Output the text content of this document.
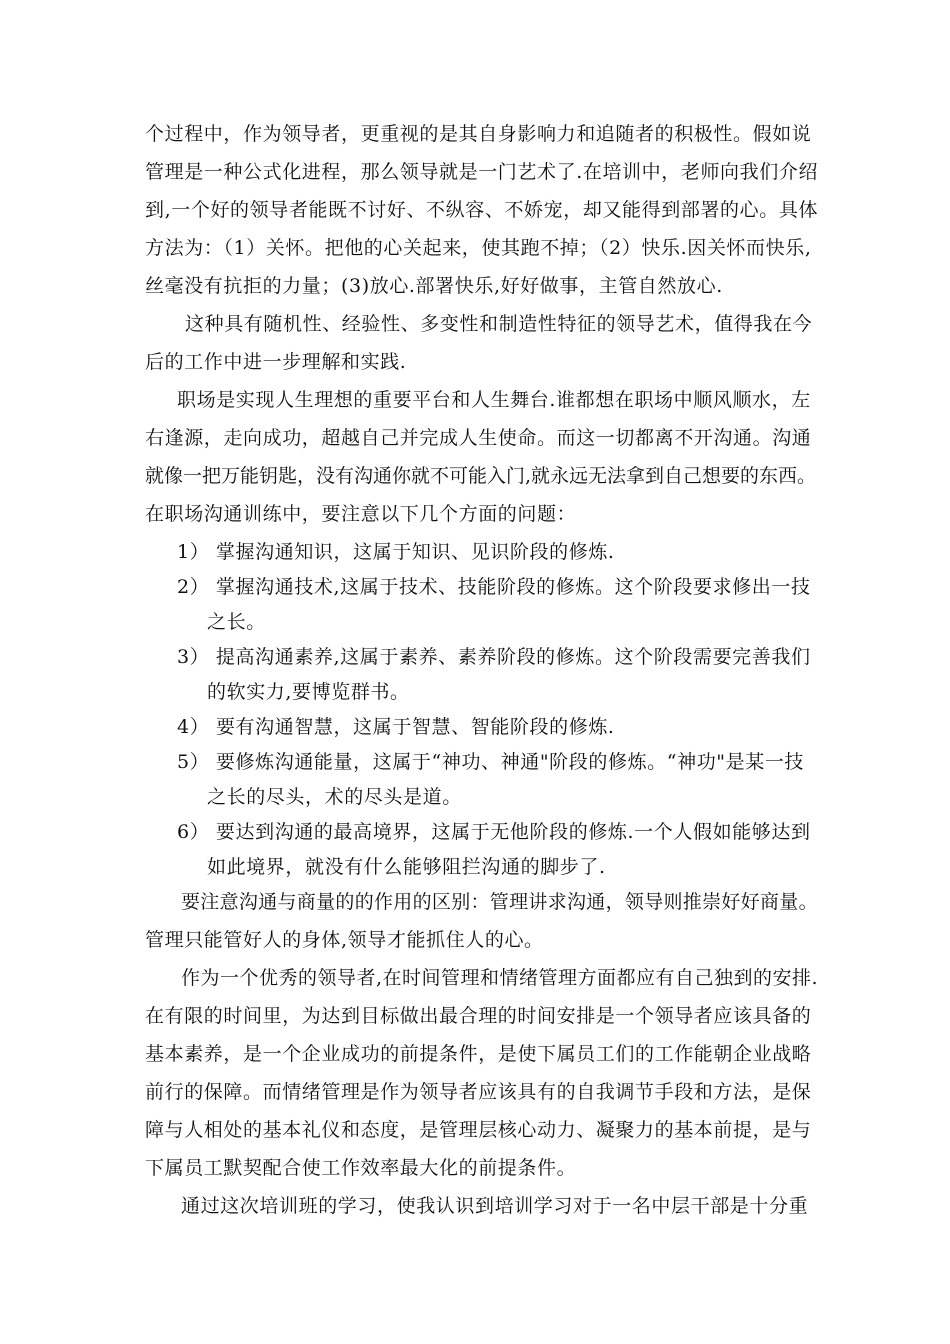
个过程中，作为领导者，更重视的是其自身影响力和追随者的积极性。假如说
管理是一种公式化进程，那么领导就是一门艺术了.在培训中，老师向我们介绍
到,一个好的领导者能既不讨好、不纵容、不娇宠，却又能得到部署的心。具体
方法为：（1）关怀。把他的心关起来，使其跑不掉；（2）快乐.因关怀而快乐,
丝毫没有抗拒的力量；(3)放心.部署快乐,好好做事，主管自然放心.
这种具有随机性、经验性、多变性和制造性特征的领导艺术，值得我在今
后的工作中进一步理解和实践.
职场是实现人生理想的重要平台和人生舞台.谁都想在职场中顺风顺水，左
右逢源，走向成功，超越自己并完成人生使命。而这一切都离不开沟通。沟通
就像一把万能钥匙，没有沟通你就不可能入门,就永远无法拿到自己想要的东西。
在职场沟通训练中，要注意以下几个方面的问题：
1） 掌握沟通知识，这属于知识、见识阶段的修炼.
2） 掌握沟通技术,这属于技术、技能阶段的修炼。这个阶段要求修出一技
之长。
3） 提高沟通素养,这属于素养、素养阶段的修炼。这个阶段需要完善我们
的软实力,要博览群书。
4） 要有沟通智慧，这属于智慧、智能阶段的修炼.
5） 要修炼沟通能量，这属于“神功、神通"阶段的修炼。“神功"是某一技
之长的尽头，术的尽头是道。
6） 要达到沟通的最高境界，这属于无他阶段的修炼.一个人假如能够达到
如此境界，就没有什么能够阻拦沟通的脚步了.
要注意沟通与商量的的作用的区别：管理讲求沟通，领导则推崇好好商量。
管理只能管好人的身体,领导才能抓住人的心。
作为一个优秀的领导者,在时间管理和情绪管理方面都应有自己独到的安排.
在有限的时间里，为达到目标做出最合理的时间安排是一个领导者应该具备的
基本素养，是一个企业成功的前提条件，是使下属员工们的工作能朝企业战略
前行的保障。而情绪管理是作为领导者应该具有的自我调节手段和方法，是保
障与人相处的基本礼仪和态度，是管理层核心动力、凝聚力的基本前提，是与
下属员工默契配合使工作效率最大化的前提条件。
通过这次培训班的学习，使我认识到培训学习对于一名中层干部是十分重
